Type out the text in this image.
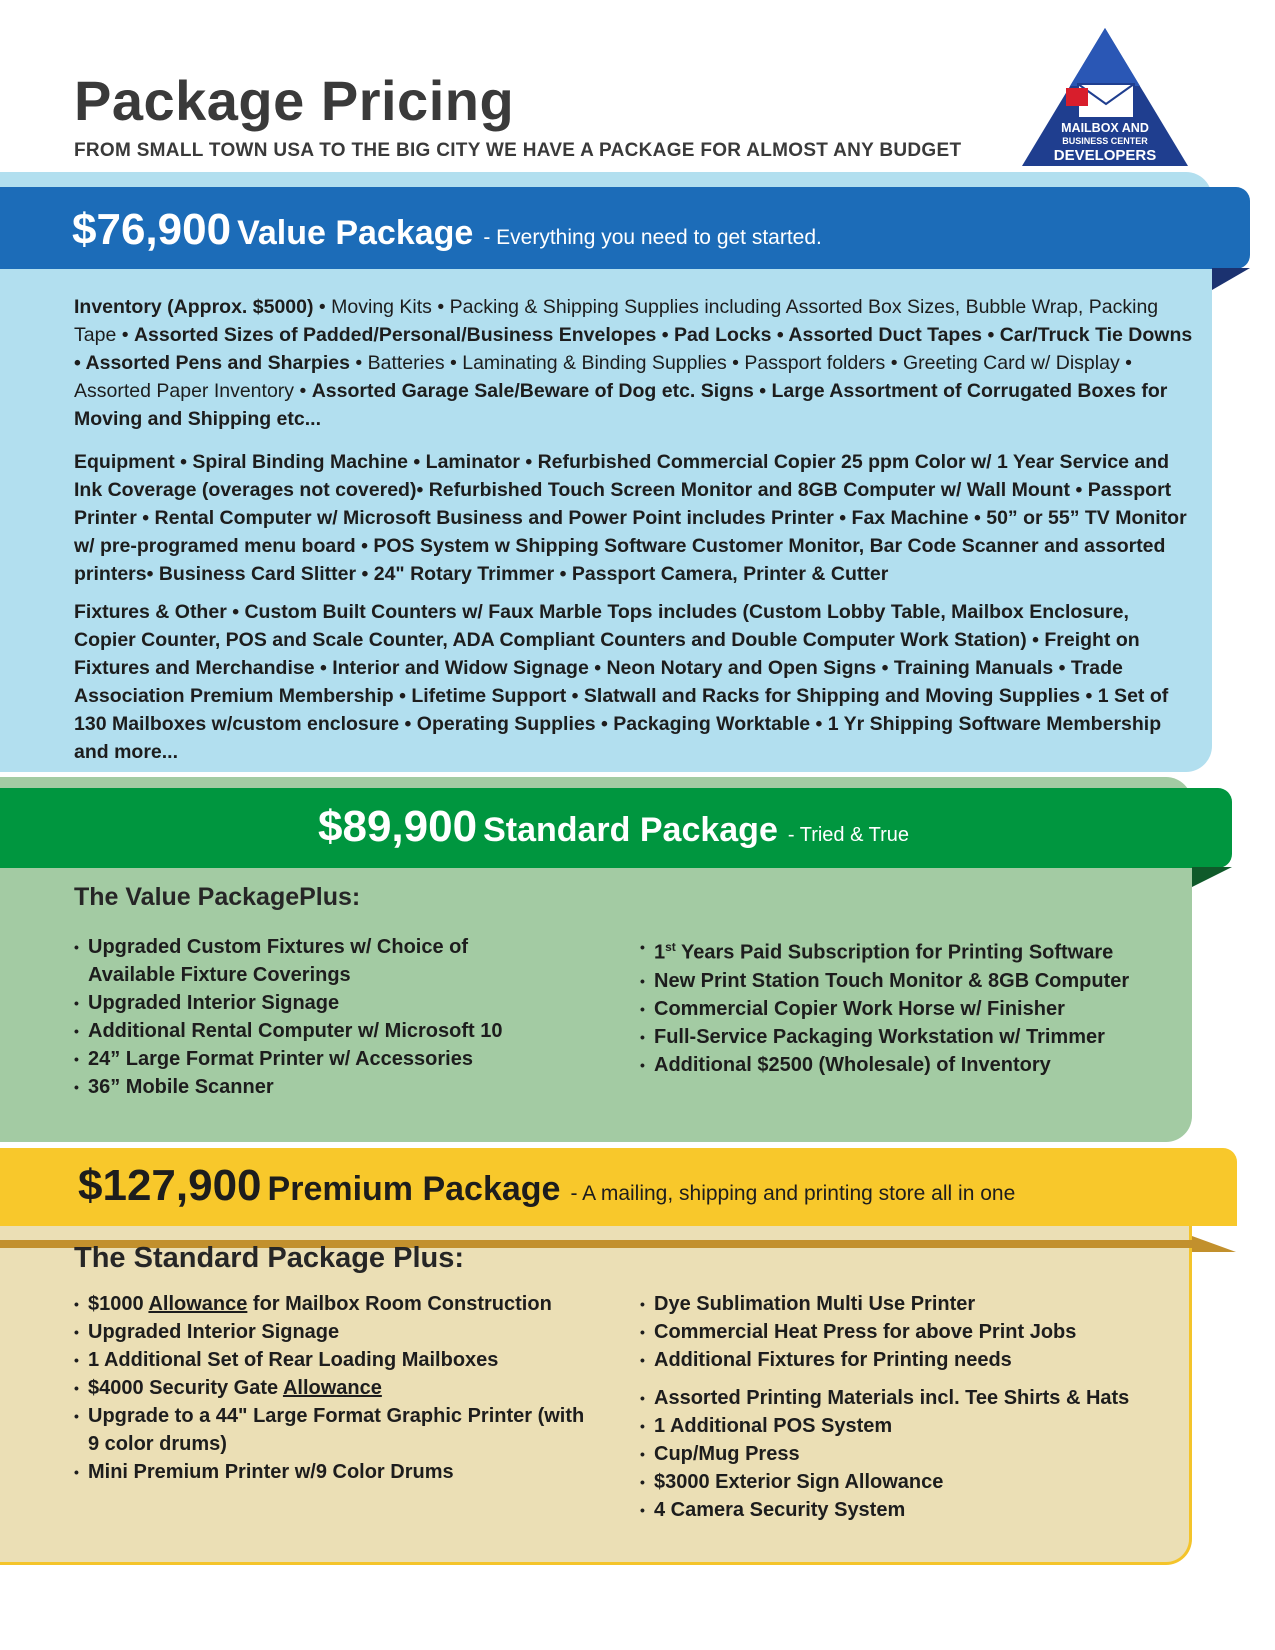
Package Pricing
FROM SMALL TOWN USA TO THE BIG CITY WE HAVE A PACKAGE FOR ALMOST ANY BUDGET
MAILBOX AND
BUSINESS CENTER
DEVELOPERS
$76,900 Value Package - Everything you need to get started.
Inventory (Approx. $5000) • Moving Kits • Packing & Shipping Supplies including Assorted Box Sizes, Bubble Wrap, Packing Tape • Assorted Sizes of Padded/Personal/Business Envelopes • Pad Locks • Assorted Duct Tapes • Car/Truck Tie Downs • Assorted Pens and Sharpies • Batteries • Laminating & Binding Supplies • Passport folders • Greeting Card w/ Display • Assorted Paper Inventory • Assorted Garage Sale/Beware of Dog etc. Signs • Large Assortment of Corrugated Boxes for Moving and Shipping etc...
Equipment • Spiral Binding Machine • Laminator • Refurbished Commercial Copier 25 ppm Color w/ 1 Year Service and Ink Coverage (overages not covered)• Refurbished Touch Screen Monitor and 8GB Computer w/ Wall Mount • Passport Printer • Rental Computer w/ Microsoft Business and Power Point includes Printer • Fax Machine • 50” or 55” TV Monitor w/ pre-programed menu board • POS System w Shipping Software Customer Monitor, Bar Code Scanner and assorted printers• Business Card Slitter • 24" Rotary Trimmer • Passport Camera, Printer & Cutter
Fixtures & Other • Custom Built Counters w/ Faux Marble Tops includes (Custom Lobby Table, Mailbox Enclosure, Copier Counter, POS and Scale Counter, ADA Compliant Counters and Double Computer Work Station) • Freight on Fixtures and Merchandise • Interior and Widow Signage • Neon Notary and Open Signs • Training Manuals • Trade Association Premium Membership • Lifetime Support • Slatwall and Racks for Shipping and Moving Supplies • 1 Set of 130 Mailboxes w/custom enclosure • Operating Supplies • Packaging Worktable • 1 Yr Shipping Software Membership and more...
$89,900 Standard Package - Tried & True
The Value PackagePlus:
• Upgraded Custom Fixtures w/ Choice of
Available Fixture Coverings
• Upgraded Interior Signage
• Additional Rental Computer w/ Microsoft 10
• 24” Large Format Printer w/ Accessories
• 36” Mobile Scanner
• 1st Years Paid Subscription for Printing Software
• New Print Station Touch Monitor & 8GB Computer
• Commercial Copier Work Horse w/ Finisher
• Full-Service Packaging Workstation w/ Trimmer
• Additional $2500 (Wholesale) of Inventory
$127,900 Premium Package - A mailing, shipping and printing store all in one
The Standard Package Plus:
• $1000 Allowance for Mailbox Room Construction
• Upgraded Interior Signage
• 1 Additional Set of Rear Loading Mailboxes
• $4000 Security Gate Allowance
• Upgrade to a 44" Large Format Graphic Printer (with
9 color drums)
• Mini Premium Printer w/9 Color Drums
• Dye Sublimation Multi Use Printer
• Commercial Heat Press for above Print Jobs
• Additional Fixtures for Printing needs
• Assorted Printing Materials incl. Tee Shirts & Hats
• 1 Additional POS System
• Cup/Mug Press
• $3000 Exterior Sign Allowance
• 4 Camera Security System
